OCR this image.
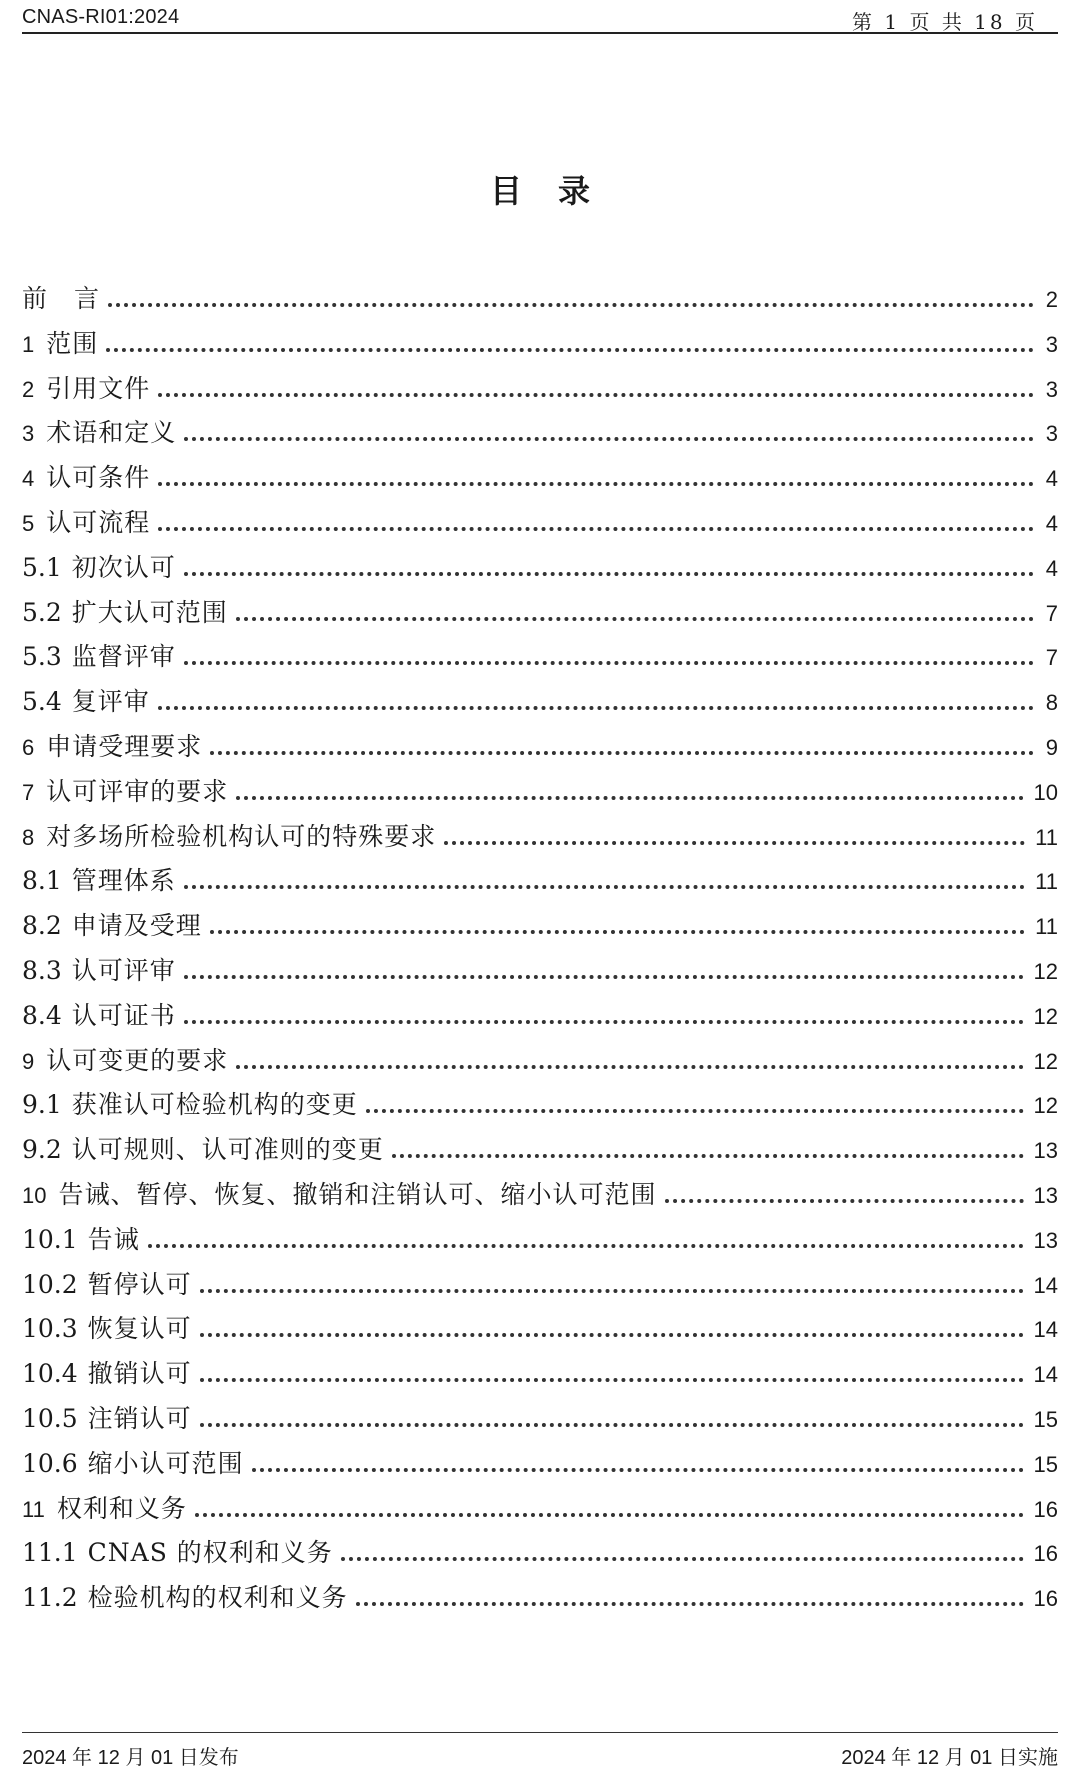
CNAS-RI01:2024	第 1 页 共 18 页
目录
前　言	2
1 范围	3
2 引用文件	3
3 术语和定义	3
4 认可条件	4
5 认可流程	4
5.1 初次认可	4
5.2 扩大认可范围	7
5.3 监督评审	7
5.4 复评审	8
6 申请受理要求	9
7 认可评审的要求	10
8 对多场所检验机构认可的特殊要求	11
8.1 管理体系	11
8.2 申请及受理	11
8.3 认可评审	12
8.4 认可证书	12
9 认可变更的要求	12
9.1 获准认可检验机构的变更	12
9.2 认可规则、认可准则的变更	13
10 告诫、暂停、恢复、撤销和注销认可、缩小认可范围	13
10.1 告诫	13
10.2 暂停认可	14
10.3 恢复认可	14
10.4 撤销认可	14
10.5 注销认可	15
10.6 缩小认可范围	15
11 权利和义务	16
11.1 CNAS 的权利和义务	16
11.2 检验机构的权利和义务	16
2024 年 12 月 01 日发布	2024 年 12 月 01 日实施
